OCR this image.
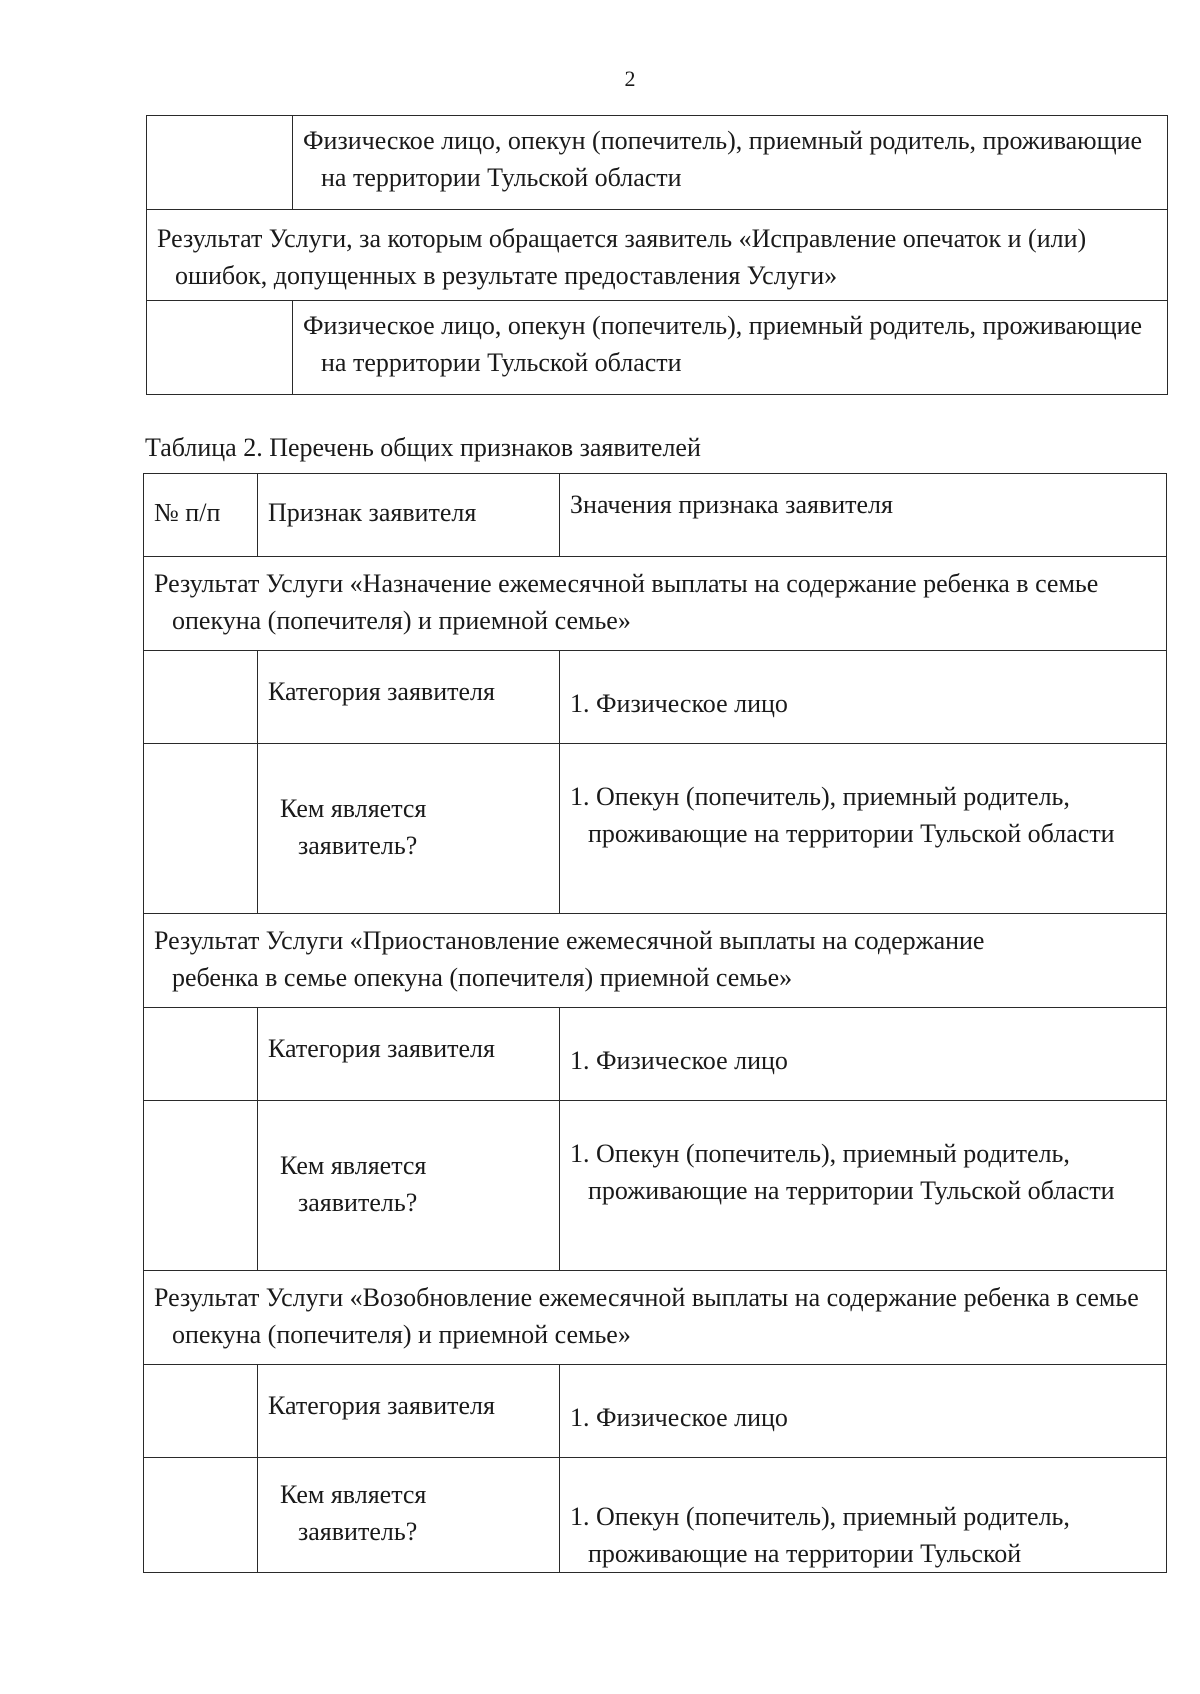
2

	Физическое лицо, опекун (попечитель), приемный родитель, проживающие на территории Тульской области

Результат Услуги, за которым обращается заявитель «Исправление опечаток и (или) ошибок, допущенных в результате предоставления Услуги»	

	Физическое лицо, опекун (попечитель), приемный родитель, проживающие на территории Тульской области
Таблица 2. Перечень общих признаков заявителей
№ п/п	Признак заявителя	Значения признака заявителя

Результат Услуги «Назначение ежемесячной выплаты на содержание ребенка в семье опекуна (попечителя) и приемной семье»		

	Категория заявителя	1. Физическое лицо

	Кем является заявитель?	1. Опекун (попечитель), приемный родитель, проживающие на территории Тульской области

Результат Услуги «Приостановление ежемесячной выплаты на содержание ребенка в семье опекуна (попечителя) приемной семье»		

	Категория заявителя	1. Физическое лицо

	Кем является заявитель?	1. Опекун (попечитель), приемный родитель, проживающие на территории Тульской области

Результат Услуги «Возобновление ежемесячной выплаты на содержание ребенка в семье опекуна (попечителя) и приемной семье»		

	Категория заявителя	1. Физическое лицо

	Кем является заявитель?	1. Опекун (попечитель), приемный родитель, проживающие на территории Тульской
